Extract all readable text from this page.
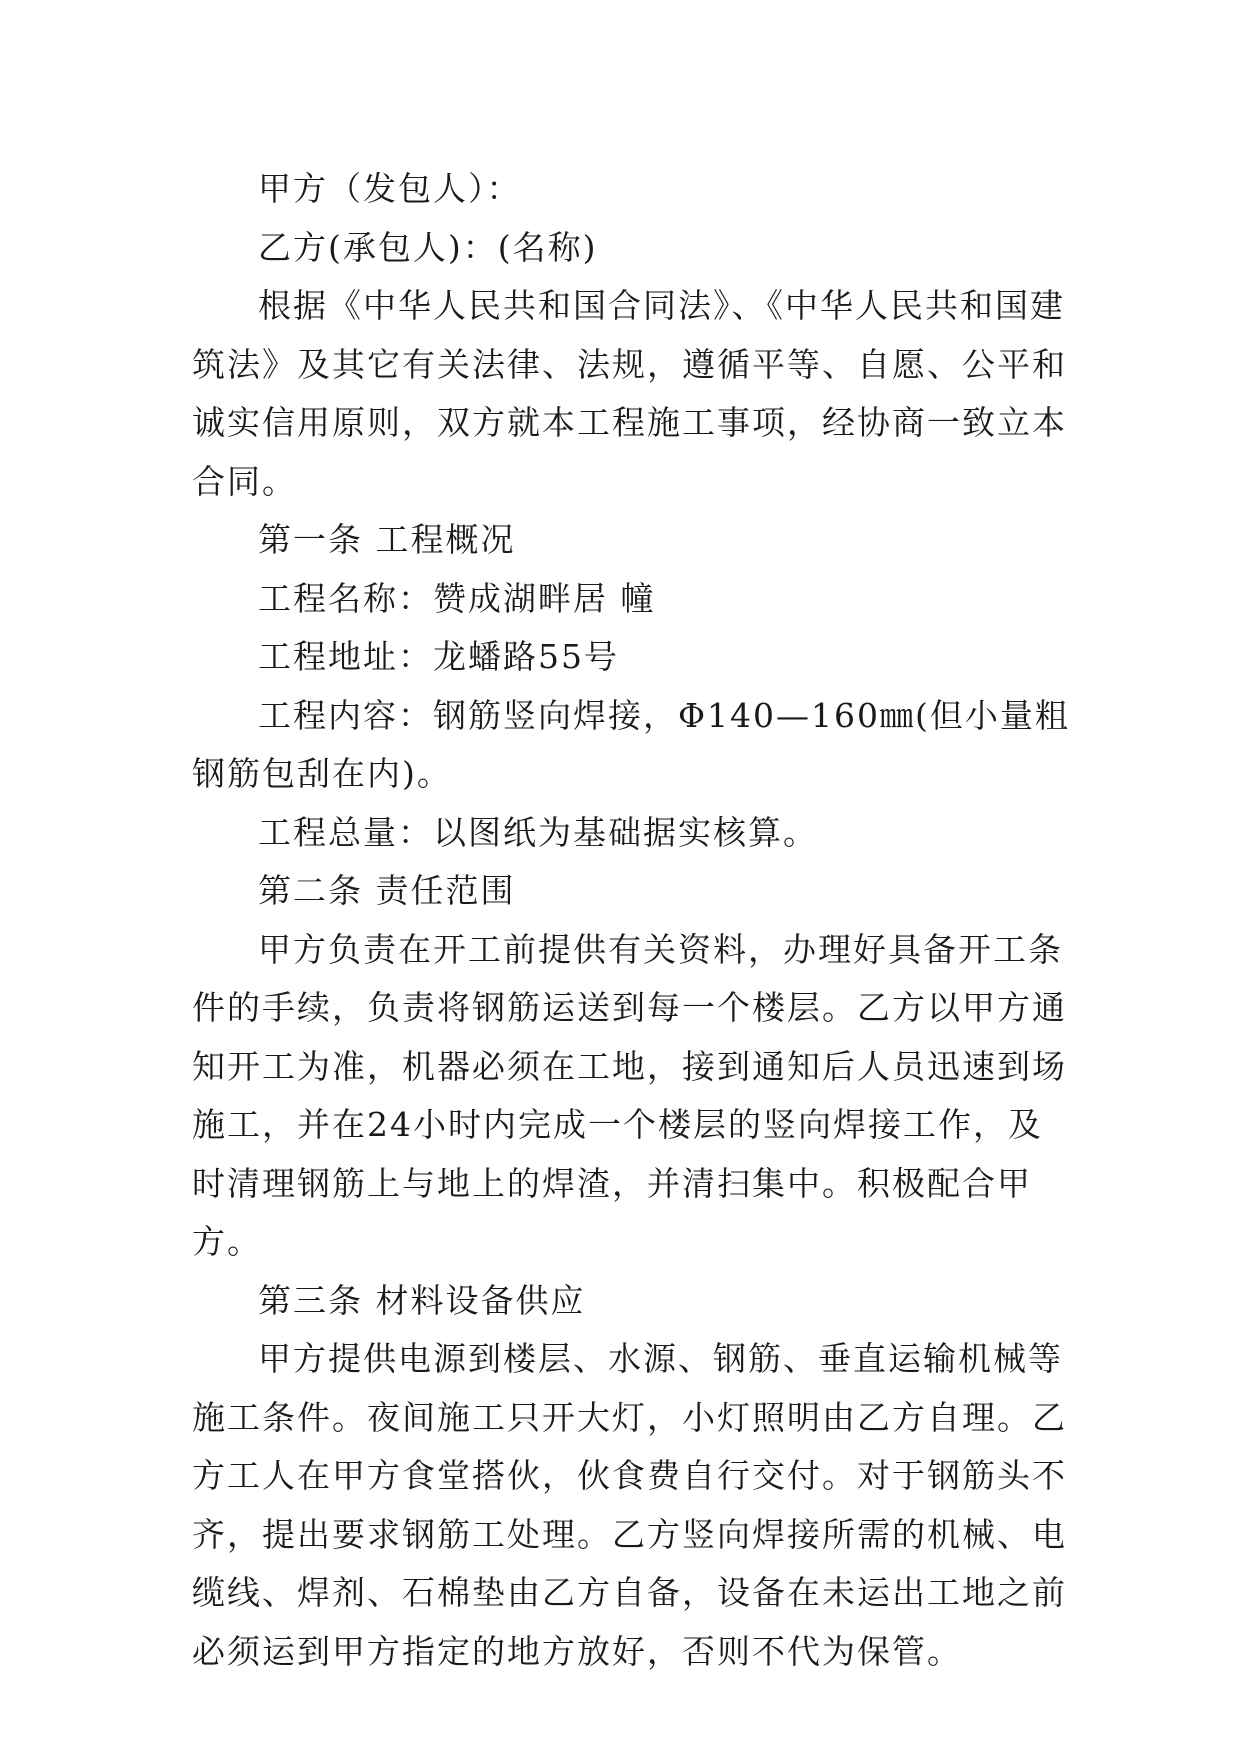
甲方（发包人）：

乙方(承包人)：(名称)

根据《中华人民共和国合同法》、《中华人民共和国建筑法》及其它有关法律、法规，遵循平等、自愿、公平和诚实信用原则，双方就本工程施工事项，经协商一致立本合同。

第一条 工程概况

工程名称：赞成湖畔居 幢

工程地址：龙蟠路55号

工程内容：钢筋竖向焊接，Φ140—160㎜(但小量粗钢筋包刮在内)。

工程总量：以图纸为基础据实核算。

第二条 责任范围

甲方负责在开工前提供有关资料，办理好具备开工条件的手续，负责将钢筋运送到每一个楼层。乙方以甲方通知开工为准，机器必须在工地，接到通知后人员迅速到场施工，并在24小时内完成一个楼层的竖向焊接工作，及时清理钢筋上与地上的焊渣，并清扫集中。积极配合甲方。

第三条 材料设备供应

甲方提供电源到楼层、水源、钢筋、垂直运输机械等施工条件。夜间施工只开大灯，小灯照明由乙方自理。乙方工人在甲方食堂搭伙，伙食费自行交付。对于钢筋头不齐，提出要求钢筋工处理。乙方竖向焊接所需的机械、电缆线、焊剂、石棉垫由乙方自备，设备在未运出工地之前必须运到甲方指定的地方放好，否则不代为保管。
